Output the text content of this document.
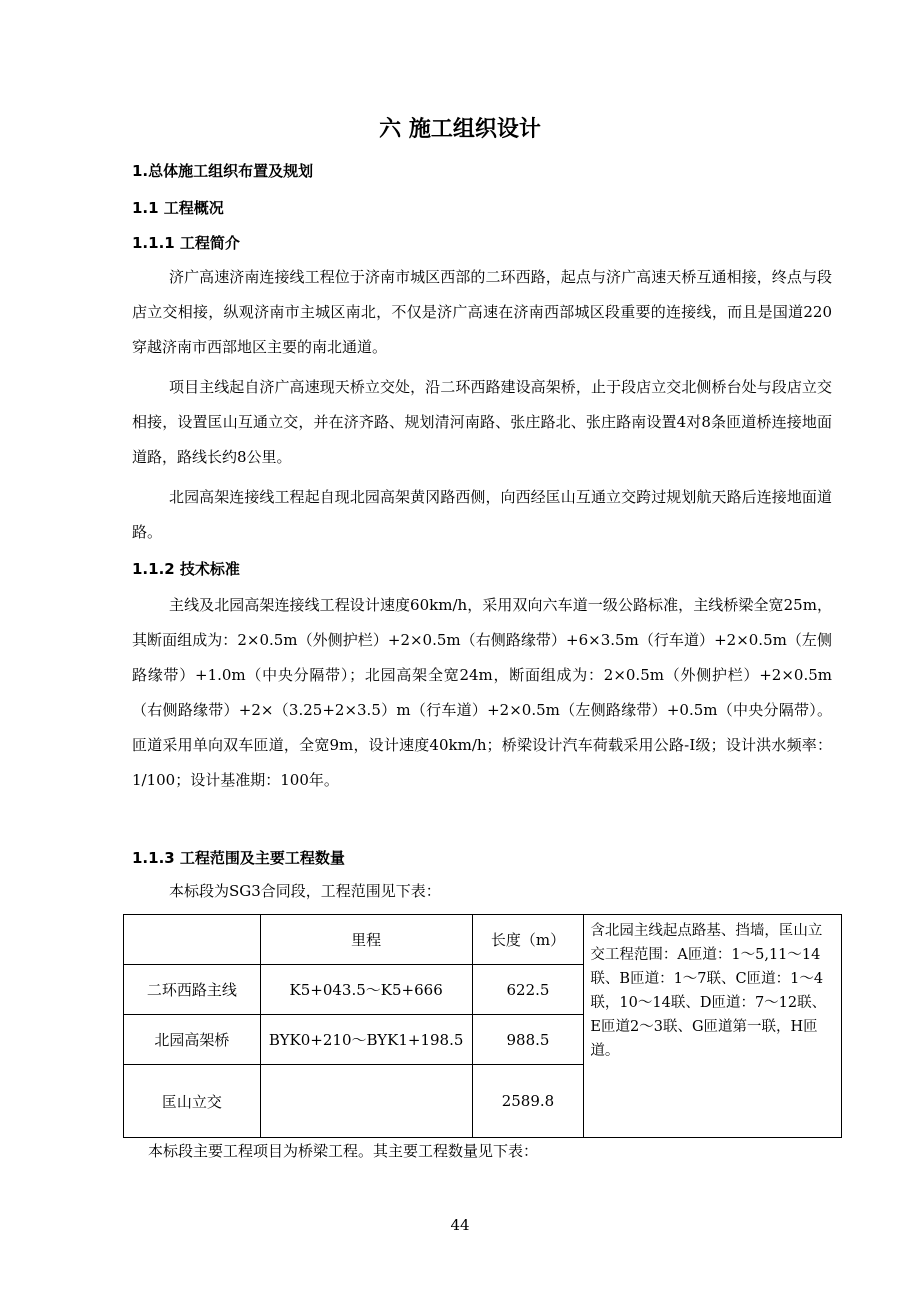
六 施工组织设计
1.总体施工组织布置及规划
1.1 工程概况
1.1.1 工程简介
济广高速济南连接线工程位于济南市城区西部的二环西路，起点与济广高速天桥互通相接，终点与段店立交相接，纵观济南市主城区南北，不仅是济广高速在济南西部城区段重要的连接线，而且是国道220穿越济南市西部地区主要的南北通道。
项目主线起自济广高速现天桥立交处，沿二环西路建设高架桥，止于段店立交北侧桥台处与段店立交相接，设置匡山互通立交，并在济齐路、规划清河南路、张庄路北、张庄路南设置4对8条匝道桥连接地面道路，路线长约8公里。
北园高架连接线工程起自现北园高架黄冈路西侧，向西经匡山互通立交跨过规划航天路后连接地面道路。
1.1.2 技术标准
主线及北园高架连接线工程设计速度60km/h，采用双向六车道一级公路标准，主线桥梁全宽25m，其断面组成为：2×0.5m（外侧护栏）+2×0.5m（右侧路缘带）+6×3.5m（行车道）+2×0.5m（左侧路缘带）+1.0m（中央分隔带）；北园高架全宽24m，断面组成为：2×0.5m（外侧护栏）+2×0.5m（右侧路缘带）+2×（3.25+2×3.5）m（行车道）+2×0.5m（左侧路缘带）+0.5m（中央分隔带）。匝道采用单向双车匝道，全宽9m，设计速度40km/h；桥梁设计汽车荷载采用公路-Ⅰ级；设计洪水频率：1/100；设计基准期：100年。
1.1.3 工程范围及主要工程数量
本标段为SG3合同段，工程范围见下表：
	里程	长度（m）	含北园主线起点路基、挡墙，匡山立交工程范围：A匝道：1～5,11～14联、B匝道：1～7联、C匝道：1～4联，10～14联、D匝道：7～12联、E匝道2～3联、G匝道第一联，H匝道。
二环西路主线	K5+043.5～K5+666	622.5	
北园高架桥	BYK0+210～BYK1+198.5	988.5	
匡山立交		2589.8	
本标段主要工程项目为桥梁工程。其主要工程数量见下表：
44
